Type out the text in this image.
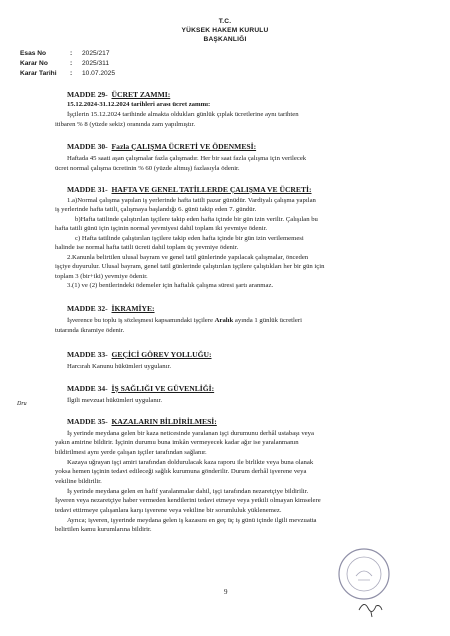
T.C.
YÜKSEK HAKEM KURULU
BAŞKANLIĞI
Esas No	: 2025/217
Karar No	: 2025/311
Karar Tarihi : 10.07.2025
MADDE 29- ÜCRET ZAMMI:
15.12.2024-31.12.2024 tarihleri arası ücret zammı:
İşçilerin 15.12.2024 tarihinde almakta oldukları günlük çıplak ücretlerine aynı tarihten
itibaren % 8 (yüzde sekiz) oranında zam yapılmıştır.
MADDE 30- Fazla ÇALIŞMA ÜCRETİ VE ÖDENMESİ:
Haftada 45 saati aşan çalışmalar fazla çalışmadır. Her bir saat fazla çalışma için verilecek
ücret normal çalışma ücretinin % 60 (yüzde altmış) fazlasıyla ödenir.
MADDE 31- HAFTA VE GENEL TATİLLERDE ÇALIŞMA VE ÜCRETİ:
1.a)Normal çalışma yapılan iş yerlerinde hafta tatili pazar günüdür. Vardiyalı çalışma yapılan
iş yerlerinde hafta tatili, çalışmaya başlandığı 6. günü takip eden 7. gündür.
b)Hafta tatilinde çalıştırılan işçilere takip eden hafta içinde bir gün izin verilir. Çalışılan bu
hafta tatili günü için işçinin normal yevmiyesi dahil toplam iki yevmiye ödenir.
c) Hafta tatilinde çalıştırılan işçilere takip eden hafta içinde bir gün izin verilememesi
halinde ise normal hafta tatili ücreti dahil toplam üç yevmiye ödenir.
2.Kanunla belirtilen ulusal bayram ve genel tatil günlerinde yapılacak çalışmalar, önceden
işçiye duyurulur. Ulusal bayram, genel tatil günlerinde çalıştırılan işçilere çalıştıkları her bir gün için
toplam 3 (bir+iki) yevmiye ödenir.
3.(1) ve (2) bentlerindeki ödemeler için haftalık çalışma süresi şartı aranmaz.
MADDE 32- İKRAMİYE:
İşverence bu toplu iş sözleşmesi kapsamındaki işçilere Aralık ayında 1 günlük ücretleri
tutarında ikramiye ödenir.
MADDE 33- GEÇİCİ GÖREV YOLLUĞU:
Harcırah Kanunu hükümleri uygulanır.
MADDE 34- İŞ SAĞLIĞI VE GÜVENLİĞİ:
İlgili mevzuat hükümleri uygulanır.
Dru
MADDE 35- KAZALARIN BİLDİRİLMESİ:
İş yerinde meydana gelen bir kaza neticesinde yaralanan işçi durumunu derhâl ustabaşı veya
yakın amirine bildirir. İşçinin durumu buna imkân vermeyecek kadar ağır ise yaralanmanın
bildirilmesi aynı yerde çalışan işçiler tarafından sağlanır.
Kazaya uğrayan işçi amiri tarafından doldurulacak kaza raporu ile birlikte veya buna olanak
yoksa hemen işçinin tedavi edileceği sağlık kurumuna gönderilir. Durum derhâl işverene veya
vekiline bildirilir.
İş yerinde meydana gelen en hafif yaralanmalar dahil, işçi tarafından nezaretçiye bildirilir.
İşveren veya nezaretçiye haber vermeden kendilerini tedavi etmeye veya yetkili olmayan kimselere
tedavi ettirmeye çalışanlara karşı işverene veya vekiline bir sorumluluk yüklenemez.
Ayrıca; işveren, işyerinde meydana gelen iş kazasını en geç üç iş günü içinde ilgili mevzuatta
belirtilen kamu kurumlarına bildirir.
9
